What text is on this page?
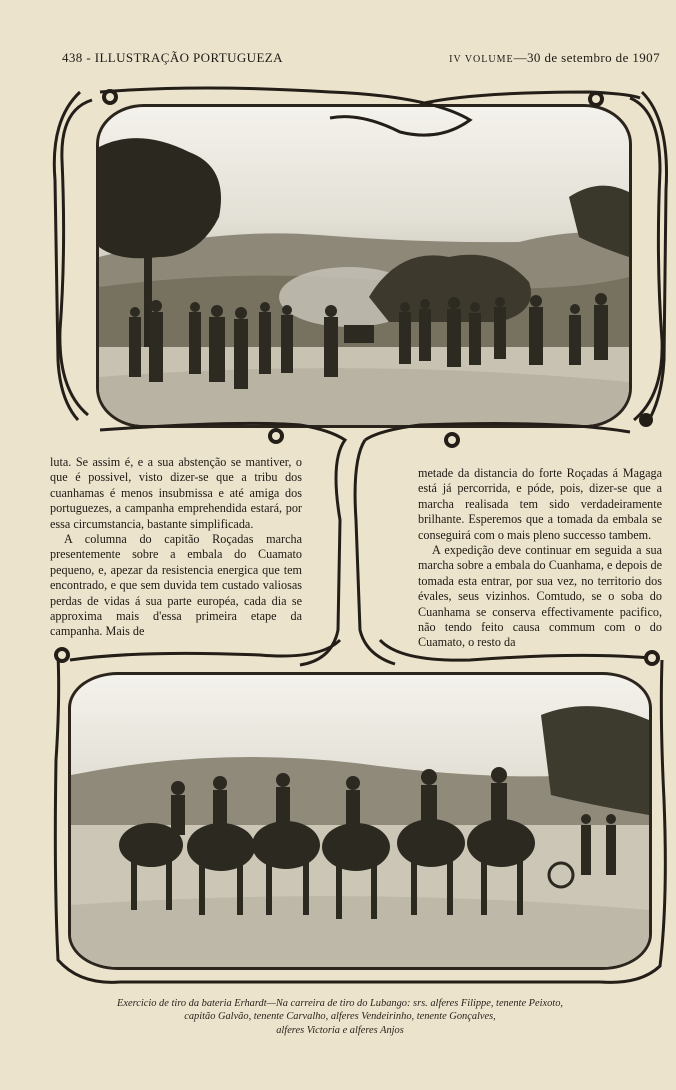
438 - ILLUSTRAÇÃO PORTUGUEZA	IV VOLUME—30 de setembro de 1907

luta. Se assim é, e a sua abstenção se mantiver, o que é possivel, visto dizer-se que a tribu dos cuanhamas é menos insubmissa e até amiga dos portuguezes, a campanha emprehendida estará, por essa circumstancia, bastante simplificada.

A columna do capitão Roçadas marcha presentemente sobre a embala do Cuamato pequeno, e, apezar da resistencia energica que tem encontrado, e que sem duvida tem custado valiosas perdas de vidas á sua parte européa, cada dia se approxima mais d'essa primeira etape da campanha. Mais de

metade da distancia do forte Roçadas á Magaga está já percorrida, e póde, pois, dizer-se que a marcha realisada tem sido verdadeiramente brilhante. Esperemos que a tomada da embala se conseguirá com o mais pleno successo tambem.

A expedição deve continuar em seguida a sua marcha sobre a embala do Cuanhama, e depois de tomada esta entrar, por sua vez, no territorio dos évales, seus vizinhos. Comtudo, se o soba do Cuanhama se conserva effectivamente pacifico, não tendo feito causa commum com o do Cuamato, o resto da

Exercicio de tiro da bateria Erhardt—Na carreira de tiro do Lubango: srs. alferes Filippe, tenente Peixoto,
capitão Galvão, tenente Carvalho, alferes Vendeirinho, tenente Gonçalves,
alferes Victoria e alferes Anjos
